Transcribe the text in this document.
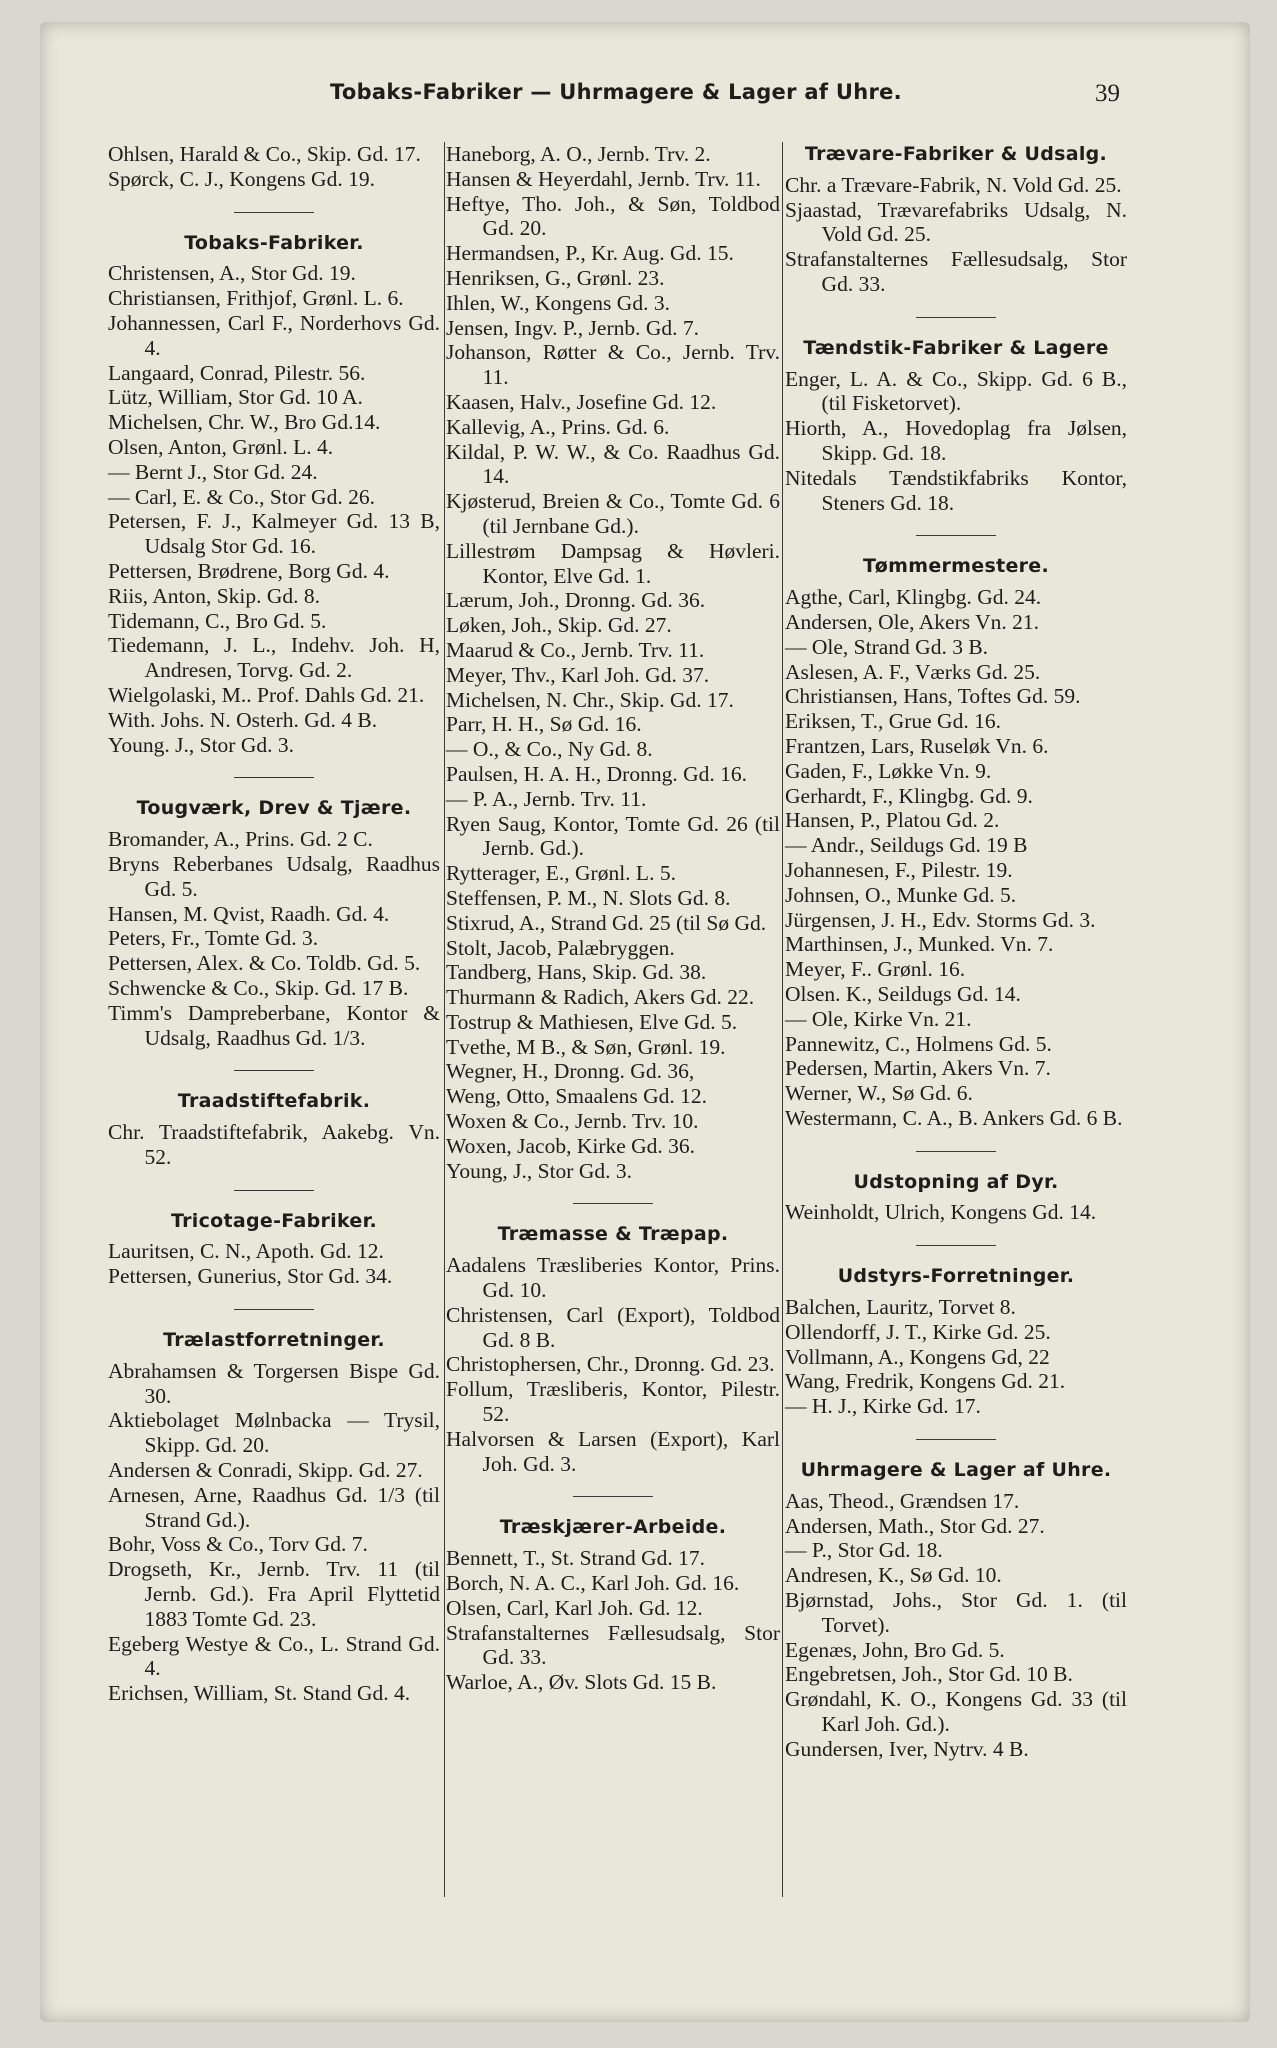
Tobaks-Fabriker — Uhrmagere & Lager af Uhre.	39

Ohlsen, Harald & Co., Skip. Gd. 17.

Spørck, C. J., Kongens Gd. 19.

Tobaks-Fabriker.

Christensen, A., Stor Gd. 19.

Christiansen, Frithjof, Grønl. L. 6.

Johannessen, Carl F., Norderhovs Gd. 4.

Langaard, Conrad, Pilestr. 56.

Lütz, William, Stor Gd. 10 A.

Michelsen, Chr. W., Bro Gd.14.

Olsen, Anton, Grønl. L. 4.

— Bernt J., Stor Gd. 24.

— Carl, E. & Co., Stor Gd. 26.

Petersen, F. J., Kalmeyer Gd. 13 B, Udsalg Stor Gd. 16.

Pettersen, Brødrene, Borg Gd. 4.

Riis, Anton, Skip. Gd. 8.

Tidemann, C., Bro Gd. 5.

Tiedemann, J. L., Indehv. Joh. H, Andresen, Torvg. Gd. 2.

Wielgolaski, M.. Prof. Dahls Gd. 21.

With. Johs. N. Osterh. Gd. 4 B.

Young. J., Stor Gd. 3.

Tougværk, Drev & Tjære.

Bromander, A., Prins. Gd. 2 C.

Bryns Reberbanes Udsalg, Raadhus Gd. 5.

Hansen, M. Qvist, Raadh. Gd. 4.

Peters, Fr., Tomte Gd. 3.

Pettersen, Alex. & Co. Toldb. Gd. 5.

Schwencke & Co., Skip. Gd. 17 B.

Timm's Dampreberbane, Kontor & Udsalg, Raadhus Gd. 1/3.

Traadstiftefabrik.

Chr. Traadstiftefabrik, Aakebg. Vn. 52.

Tricotage-Fabriker.

Lauritsen, C. N., Apoth. Gd. 12.

Pettersen, Gunerius, Stor Gd. 34.

Trælastforretninger.

Abrahamsen & Torgersen Bispe Gd. 30.

Aktiebolaget Mølnbacka — Trysil, Skipp. Gd. 20.

Andersen & Conradi, Skipp. Gd. 27.

Arnesen, Arne, Raadhus Gd. 1/3 (til Strand Gd.).

Bohr, Voss & Co., Torv Gd. 7.

Drogseth, Kr., Jernb. Trv. 11 (til Jernb. Gd.). Fra April Flyttetid 1883 Tomte Gd. 23.

Egeberg Westye & Co., L. Strand Gd. 4.

Erichsen, William, St. Stand Gd. 4.

Haneborg, A. O., Jernb. Trv. 2.

Hansen & Heyerdahl, Jernb. Trv. 11.

Heftye, Tho. Joh., & Søn, Toldbod Gd. 20.

Hermandsen, P., Kr. Aug. Gd. 15.

Henriksen, G., Grønl. 23.

Ihlen, W., Kongens Gd. 3.

Jensen, Ingv. P., Jernb. Gd. 7.

Johanson, Røtter & Co., Jernb. Trv. 11.

Kaasen, Halv., Josefine Gd. 12.

Kallevig, A., Prins. Gd. 6.

Kildal, P. W. W., & Co. Raadhus Gd. 14.

Kjøsterud, Breien & Co., Tomte Gd. 6 (til Jernbane Gd.).

Lillestrøm Dampsag & Høvleri. Kontor, Elve Gd. 1.

Lærum, Joh., Dronng. Gd. 36.

Løken, Joh., Skip. Gd. 27.

Maarud & Co., Jernb. Trv. 11.

Meyer, Thv., Karl Joh. Gd. 37.

Michelsen, N. Chr., Skip. Gd. 17.

Parr, H. H., Sø Gd. 16.

— O., & Co., Ny Gd. 8.

Paulsen, H. A. H., Dronng. Gd. 16.

— P. A., Jernb. Trv. 11.

Ryen Saug, Kontor, Tomte Gd. 26 (til Jernb. Gd.).

Rytterager, E., Grønl. L. 5.

Steffensen, P. M., N. Slots Gd. 8.

Stixrud, A., Strand Gd. 25 (til Sø Gd.

Stolt, Jacob, Palæbryggen.

Tandberg, Hans, Skip. Gd. 38.

Thurmann & Radich, Akers Gd. 22.

Tostrup & Mathiesen, Elve Gd. 5.

Tvethe, M B., & Søn, Grønl. 19.

Wegner, H., Dronng. Gd. 36,

Weng, Otto, Smaalens Gd. 12.

Woxen & Co., Jernb. Trv. 10.

Woxen, Jacob, Kirke Gd. 36.

Young, J., Stor Gd. 3.

Træmasse & Træpap.

Aadalens Træsliberies Kontor, Prins. Gd. 10.

Christensen, Carl (Export), Toldbod Gd. 8 B.

Christophersen, Chr., Dronng. Gd. 23.

Follum, Træsliberis, Kontor, Pilestr. 52.

Halvorsen & Larsen (Export), Karl Joh. Gd. 3.

Træskjærer-Arbeide.

Bennett, T., St. Strand Gd. 17.

Borch, N. A. C., Karl Joh. Gd. 16.

Olsen, Carl, Karl Joh. Gd. 12.

Strafanstalternes Fællesudsalg, Stor Gd. 33.

Warloe, A., Øv. Slots Gd. 15 B.

Trævare-Fabriker & Udsalg.

Chr. a Trævare-Fabrik, N. Vold Gd. 25.

Sjaastad, Trævarefabriks Udsalg, N. Vold Gd. 25.

Strafanstalternes Fællesudsalg, Stor Gd. 33.

Tændstik-Fabriker & Lagere

Enger, L. A. & Co., Skipp. Gd. 6 B., (til Fisketorvet).

Hiorth, A., Hovedoplag fra Jølsen, Skipp. Gd. 18.

Nitedals Tændstikfabriks Kontor, Steners Gd. 18.

Tømmermestere.

Agthe, Carl, Klingbg. Gd. 24.

Andersen, Ole, Akers Vn. 21.

— Ole, Strand Gd. 3 B.

Aslesen, A. F., Værks Gd. 25.

Christiansen, Hans, Toftes Gd. 59.

Eriksen, T., Grue Gd. 16.

Frantzen, Lars, Ruseløk Vn. 6.

Gaden, F., Løkke Vn. 9.

Gerhardt, F., Klingbg. Gd. 9.

Hansen, P., Platou Gd. 2.

— Andr., Seildugs Gd. 19 B

Johannesen, F., Pilestr. 19.

Johnsen, O., Munke Gd. 5.

Jürgensen, J. H., Edv. Storms Gd. 3.

Marthinsen, J., Munked. Vn. 7.

Meyer, F.. Grønl. 16.

Olsen. K., Seildugs Gd. 14.

— Ole, Kirke Vn. 21.

Pannewitz, C., Holmens Gd. 5.

Pedersen, Martin, Akers Vn. 7.

Werner, W., Sø Gd. 6.

Westermann, C. A., B. Ankers Gd. 6 B.

Udstopning af Dyr.

Weinholdt, Ulrich, Kongens Gd. 14.

Udstyrs-Forretninger.

Balchen, Lauritz, Torvet 8.

Ollendorff, J. T., Kirke Gd. 25.

Vollmann, A., Kongens Gd, 22

Wang, Fredrik, Kongens Gd. 21.

— H. J., Kirke Gd. 17.

Uhrmagere & Lager af Uhre.

Aas, Theod., Grændsen 17.

Andersen, Math., Stor Gd. 27.

— P., Stor Gd. 18.

Andresen, K., Sø Gd. 10.

Bjørnstad, Johs., Stor Gd. 1. (til Torvet).

Egenæs, John, Bro Gd. 5.

Engebretsen, Joh., Stor Gd. 10 B.

Grøndahl, K. O., Kongens Gd. 33 (til Karl Joh. Gd.).

Gundersen, Iver, Nytrv. 4 B.
